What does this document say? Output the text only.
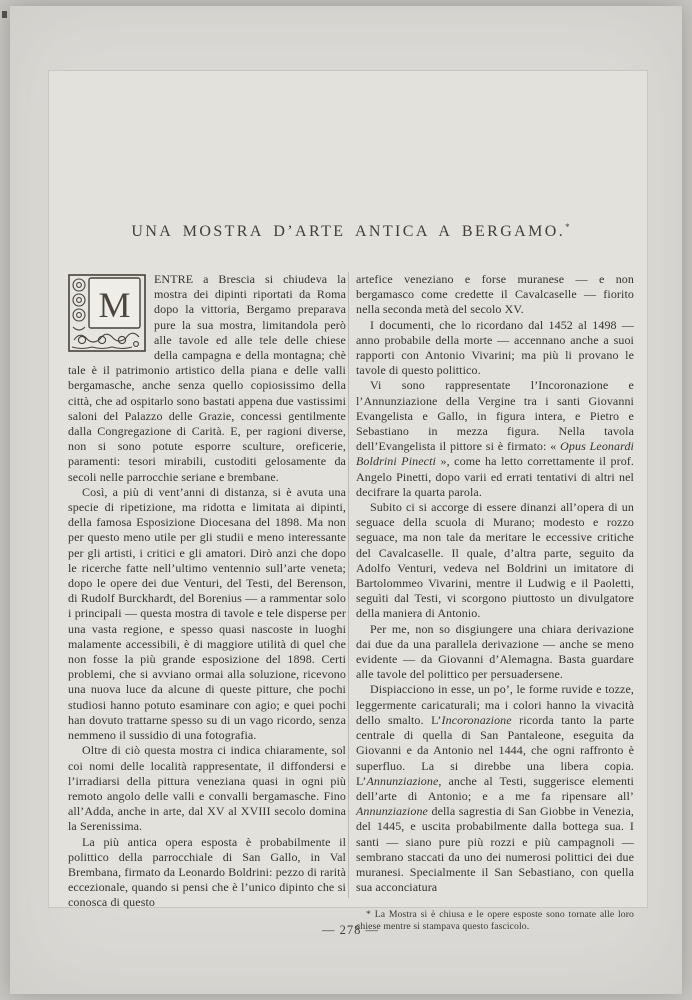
UNA MOSTRA D’ARTE ANTICA A BERGAMO.*

M
ENTRE a Brescia si chiudeva la mostra dei dipinti riportati da Roma dopo la vittoria, Bergamo preparava pure la sua mostra, limitandola però alle tavole ed alle tele delle chiese della campagna e della montagna; chè tale è il patrimonio artistico della piana e delle valli bergamasche, anche senza quello copiosissimo della città, che ad ospitarlo sono bastati appena due vastissimi saloni del Palazzo delle Grazie, concessi gentilmente dalla Congregazione di Carità. E, per ragioni diverse, non si sono potute esporre sculture, oreficerie, paramenti: tesori mirabili, custoditi gelosamente da secoli nelle parrocchie seriane e brembane.

Così, a più di vent’anni di distanza, si è avuta una specie di ripetizione, ma ridotta e limitata ai dipinti, della famosa Esposizione Diocesana del 1898. Ma non per questo meno utile per gli studii e meno interessante per gli artisti, i critici e gli amatori. Dirò anzi che dopo le ricerche fatte nell’ultimo ventennio sull’arte veneta; dopo le opere dei due Venturi, del Testi, del Berenson, di Rudolf Burckhardt, del Borenius — a rammentar solo i principali — questa mostra di tavole e tele disperse per una vasta regione, e spesso quasi nascoste in luoghi malamente accessibili, è di maggiore utilità di quel che non fosse la più grande esposizione del 1898. Certi problemi, che si avviano ormai alla soluzione, ricevono una nuova luce da alcune di queste pitture, che pochi studiosi hanno potuto esaminare con agio; e quei pochi han dovuto trattarne spesso su di un vago ricordo, senza nemmeno il sussidio di una fotografia.

Oltre di ciò questa mostra ci indica chiaramente, sol coi nomi delle località rappresentate, il diffondersi e l’irradiarsi della pittura veneziana quasi in ogni più remoto angolo delle valli e convalli bergamasche. Fino all’Adda, anche in arte, dal XV al XVIII secolo domina la Serenissima.

La più antica opera esposta è probabilmente il polittico della parrocchiale di San Gallo, in Val Brembana, firmato da Leonardo Boldrini: pezzo di rarità eccezionale, quando si pensi che è l’unico dipinto che si conosca di questo

artefice veneziano e forse muranese — e non bergamasco come credette il Cavalcaselle — fiorito nella seconda metà del secolo XV.

I documenti, che lo ricordano dal 1452 al 1498 — anno probabile della morte — accennano anche a suoi rapporti con Antonio Vivarini; ma più li provano le tavole di questo polittico.

Vi sono rappresentate l’Incoronazione e l’Annunziazione della Vergine tra i santi Giovanni Evangelista e Gallo, in figura intera, e Pietro e Sebastiano in mezza figura. Nella tavola dell’Evangelista il pittore si è firmato: « Opus Leonardi Boldrini Pinecti », come ha letto correttamente il prof. Angelo Pinetti, dopo varii ed errati tentativi di altri nel decifrare la quarta parola.

Subito ci si accorge di essere dinanzi all’opera di un seguace della scuola di Murano; modesto e rozzo seguace, ma non tale da meritare le eccessive critiche del Cavalcaselle. Il quale, d’altra parte, seguito da Adolfo Venturi, vedeva nel Boldrini un imitatore di Bartolommeo Vivarini, mentre il Ludwig e il Paoletti, seguìti dal Testi, vi scorgono piuttosto un divulgatore della maniera di Antonio.

Per me, non so disgiungere una chiara derivazione dai due da una parallela derivazione — anche se meno evidente — da Giovanni d’Alemagna. Basta guardare alle tavole del polittico per persuadersene.

Dispiacciono in esse, un po’, le forme ruvide e tozze, leggermente caricaturali; ma i colori hanno la vivacità dello smalto. L’Incoronazione ricorda tanto la parte centrale di quella di San Pantaleone, eseguita da Giovanni e da Antonio nel 1444, che ogni raffronto è superfluo. La si direbbe una libera copia. L’Annunziazione, anche al Testi, suggerisce elementi dell’arte di Antonio; e a me fa ripensare all’ Annunziazione della sagrestia di San Giobbe in Venezia, del 1445, e uscita probabilmente dalla bottega sua. I santi — siano pure più rozzi e più campagnoli — sembrano staccati da uno dei numerosi polittici dei due muranesi. Specialmente il San Sebastiano, con quella sua acconciatura

* La Mostra si è chiusa e le opere esposte sono tornate alle loro chiese mentre si stampava questo fascicolo.

— 278 —
